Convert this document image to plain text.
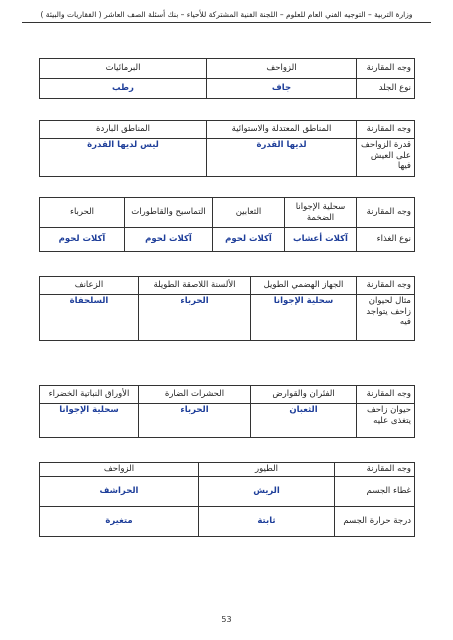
وزارة التربية – التوجيه الفني العام للعلوم – اللجنة الفنية المشتركة للأحياء – بنك أسئلة الصف العاشر ( الفقاريات والبيئة )
وجه المقارنة	الزواحف	البرمائيات
نوع الجلد	جاف	رطب
وجه المقارنة	المناطق المعتدلة والاستوائية	المناطق الباردة
قدرة الزواحف على العيش فيها	لديها القدرة	ليس لديها القدرة
وجه المقارنة	سحلية الإجوانا الضخمة	الثعابين	التماسيح والقاطورات	الحرباء
نوع الغذاء	آكلات أعشاب	آكلات لحوم	آكلات لحوم	آكلات لحوم
وجه المقارنة	الجهاز الهضمي الطويل	الألسنة اللاصقة الطويلة	الزعانف
مثال لحيوان زاحف يتواجد فيه	سحلية الإجوانا	الحرباء	السلحفاة
وجه المقارنة	الفئران والقوارض	الحشرات الضارة	الأوراق النباتية الخضراء
حيوان زاحف يتغذى عليه	الثعبان	الحرباء	سحلية الإجوانا
وجه المقارنة	الطيور	الزواحف
غطاء الجسم	الريش	الحراشف
درجة حرارة الجسم	ثابتة	متغيرة
53
